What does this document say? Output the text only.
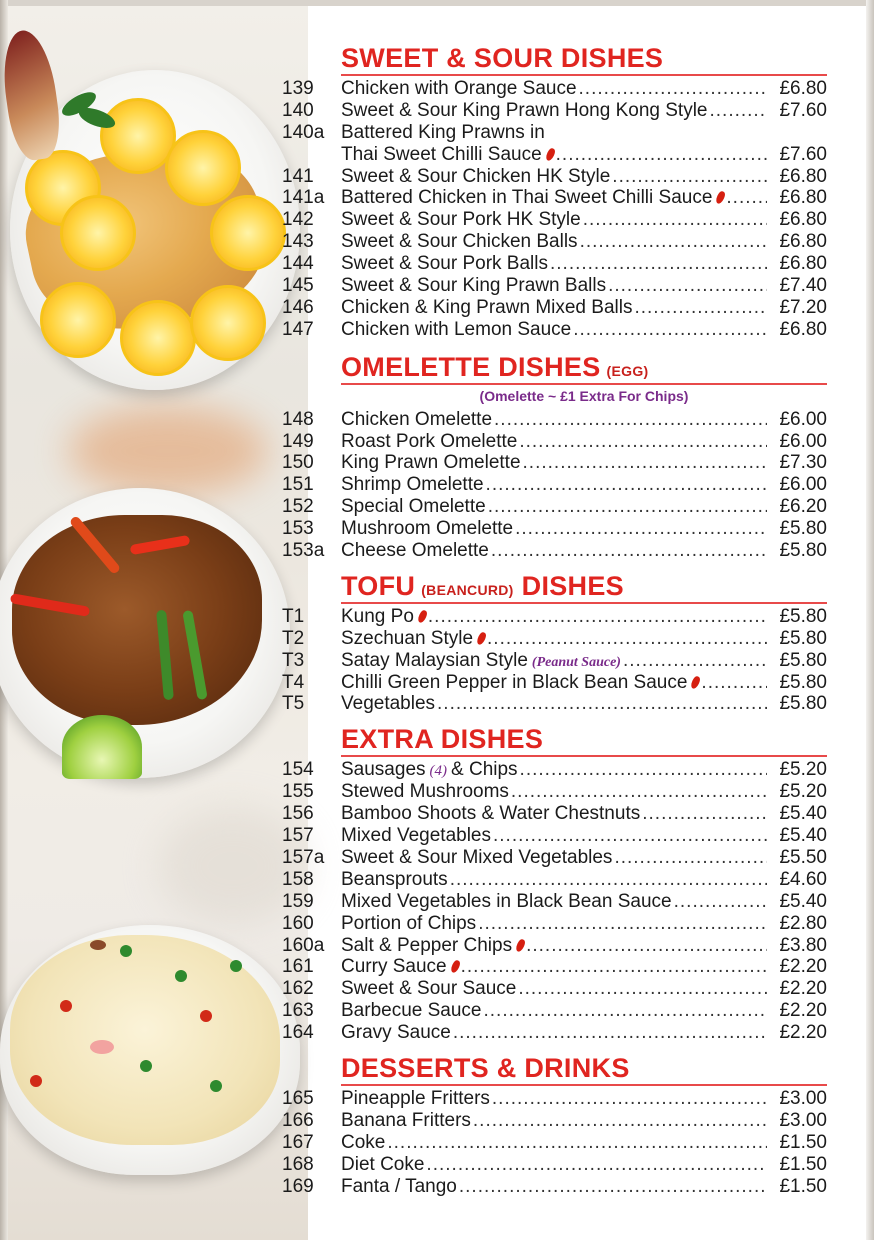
SWEET & SOUR DISHES
139	Chicken with Orange Sauce .....	£6.80
140	Sweet & Sour King Prawn Hong Kong Style .....	£7.60
140a Battered King Prawns in
Thai Sweet Chilli Sauce .....	£7.60
141	Sweet & Sour Chicken HK Style .....	£6.80
141a Battered Chicken in Thai Sweet Chilli Sauce .....	£6.80
142	Sweet & Sour Pork HK Style .....	£6.80
143	Sweet & Sour Chicken Balls .....	£6.80
144	Sweet & Sour Pork Balls .....	£6.80
145	Sweet & Sour King Prawn Balls .....	£7.40
146	Chicken & King Prawn Mixed Balls .....	£7.20
147	Chicken with Lemon Sauce .....	£6.80
OMELETTE DISHES (EGG)
(Omelette ~ £1 Extra For Chips)
148	Chicken Omelette .....	£6.00
149	Roast Pork Omelette .....	£6.00
150	King Prawn Omelette .....	£7.30
151	Shrimp Omelette .....	£6.00
152	Special Omelette .....	£6.20
153	Mushroom Omelette .....	£5.80
153a Cheese Omelette .....	£5.80
TOFU (BEANCURD) DISHES
T1	Kung Po .....	£5.80
T2	Szechuan Style .....	£5.80
T3	Satay Malaysian Style (Peanut Sauce) .....	£5.80
T4	Chilli Green Pepper in Black Bean Sauce .....	£5.80
T5	Vegetables .....	£5.80
EXTRA DISHES
154	Sausages (4) & Chips .....	£5.20
155	Stewed Mushrooms .....	£5.20
156	Bamboo Shoots & Water Chestnuts .....	£5.40
157	Mixed Vegetables .....	£5.40
157a Sweet & Sour Mixed Vegetables .....	£5.50
158	Beansprouts .....	£4.60
159	Mixed Vegetables in Black Bean Sauce .....	£5.40
160	Portion of Chips .....	£2.80
160a Salt & Pepper Chips .....	£3.80
161	Curry Sauce .....	£2.20
162	Sweet & Sour Sauce .....	£2.20
163	Barbecue Sauce .....	£2.20
164	Gravy Sauce .....	£2.20
DESSERTS & DRINKS
165	Pineapple Fritters .....	£3.00
166	Banana Fritters .....	£3.00
167	Coke .....	£1.50
168	Diet Coke .....	£1.50
169	Fanta / Tango .....	£1.50
